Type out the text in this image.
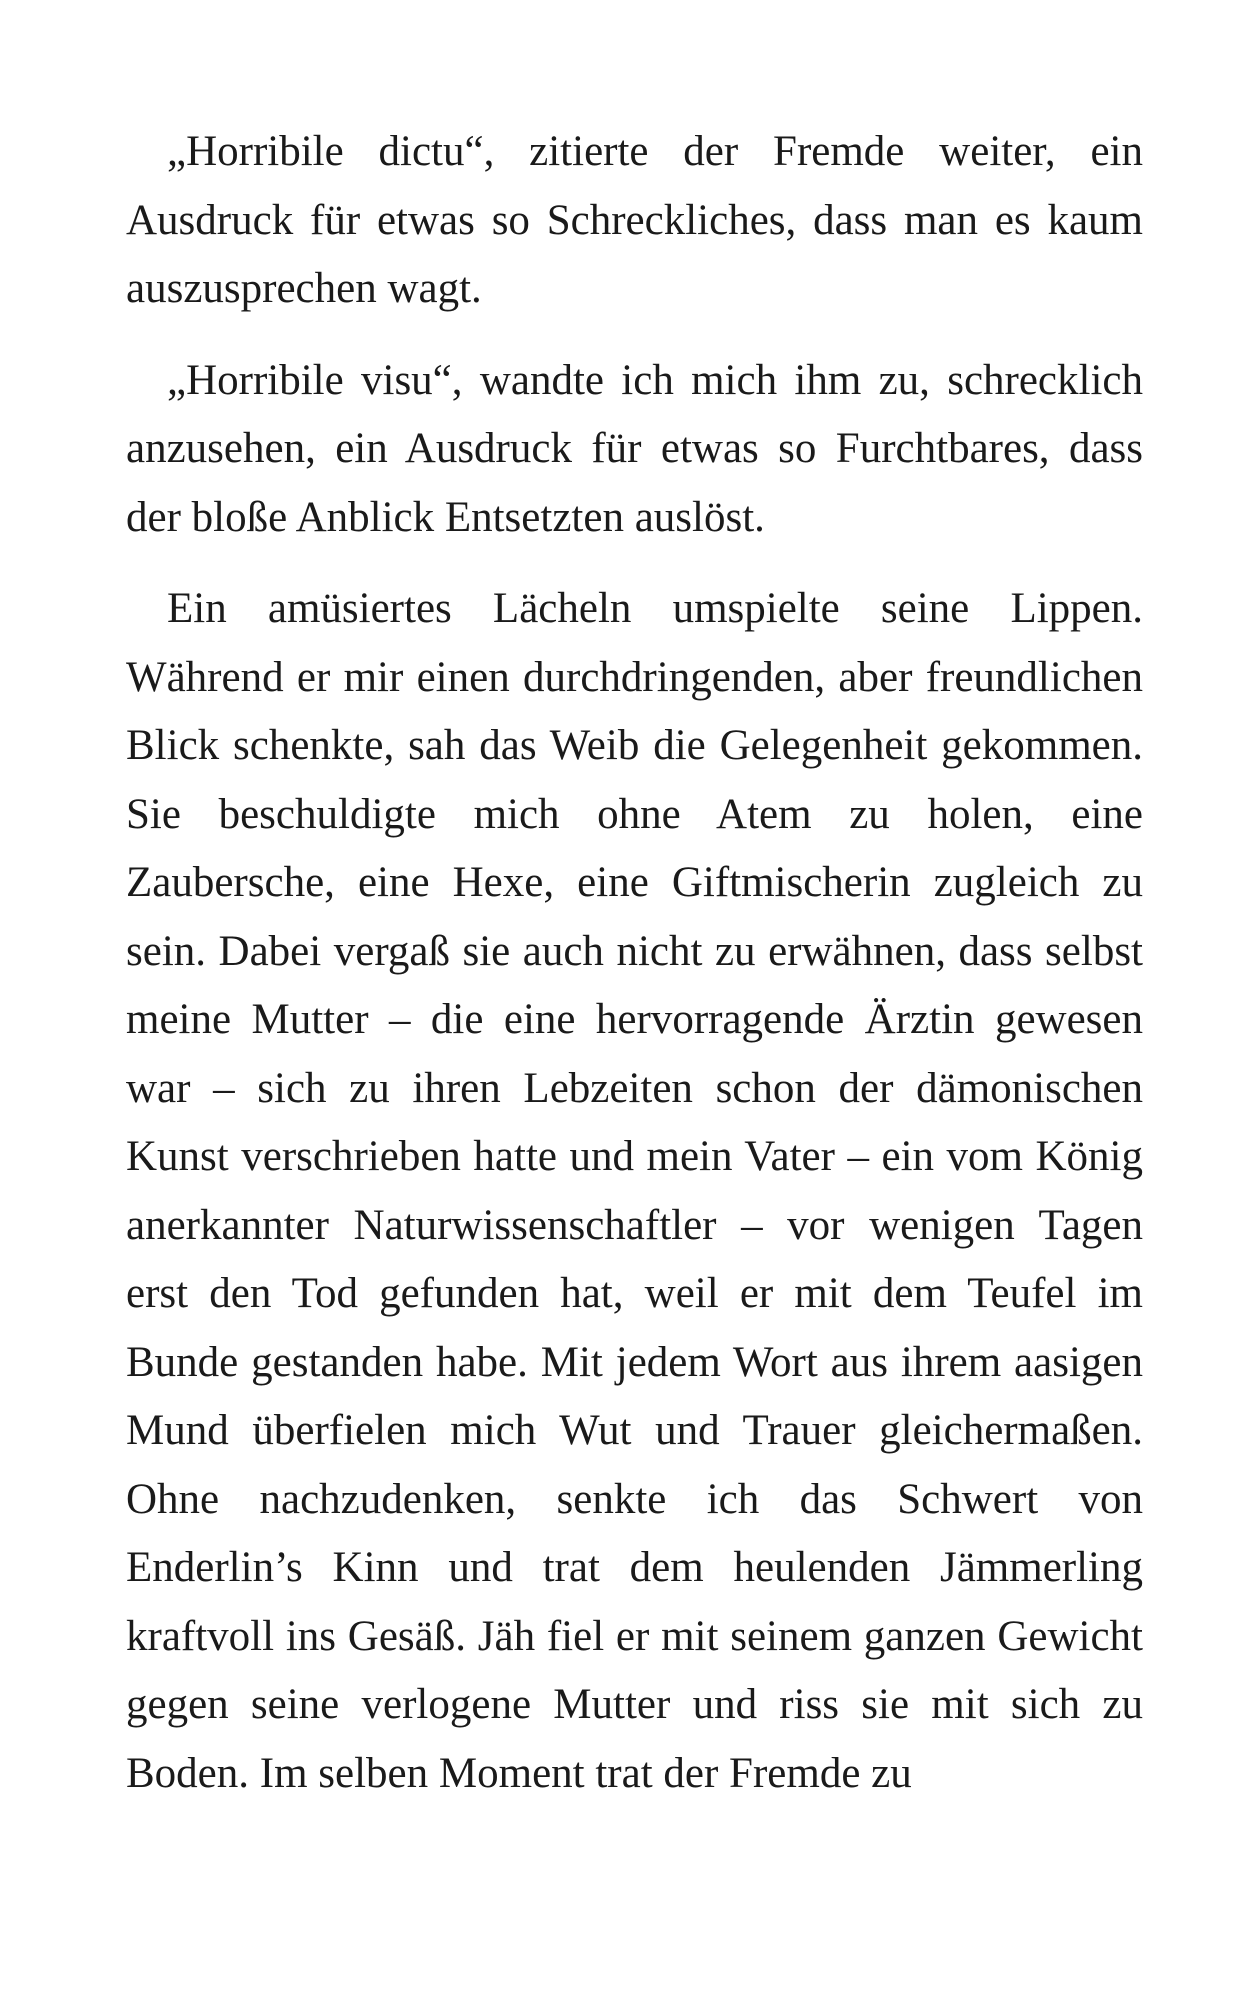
„Horribile dictu“, zitierte der Fremde weiter, ein Ausdruck für etwas so Schreckliches, dass man es kaum auszusprechen wagt.

„Horribile visu“, wandte ich mich ihm zu, schrecklich anzusehen, ein Ausdruck für etwas so Furchtbares, dass der bloße Anblick Entsetzten auslöst.

Ein amüsiertes Lächeln umspielte seine Lippen. Während er mir einen durchdringenden, aber freundlichen Blick schenkte, sah das Weib die Gelegenheit gekommen. Sie beschuldigte mich ohne Atem zu holen, eine Zaubersche, eine Hexe, eine Giftmischerin zugleich zu sein. Dabei vergaß sie auch nicht zu erwähnen, dass selbst meine Mutter – die eine hervorragende Ärztin gewesen war – sich zu ihren Lebzeiten schon der dämonischen Kunst verschrieben hatte und mein Vater – ein vom König anerkannter Naturwissenschaftler – vor wenigen Tagen erst den Tod gefunden hat, weil er mit dem Teufel im Bunde gestanden habe. Mit jedem Wort aus ihrem aasigen Mund überfielen mich Wut und Trauer gleichermaßen. Ohne nachzudenken, senkte ich das Schwert von Enderlin’s Kinn und trat dem heulenden Jämmerling kraftvoll ins Gesäß. Jäh fiel er mit seinem ganzen Gewicht gegen seine verlogene Mutter und riss sie mit sich zu Boden. Im selben Moment trat der Fremde zu
